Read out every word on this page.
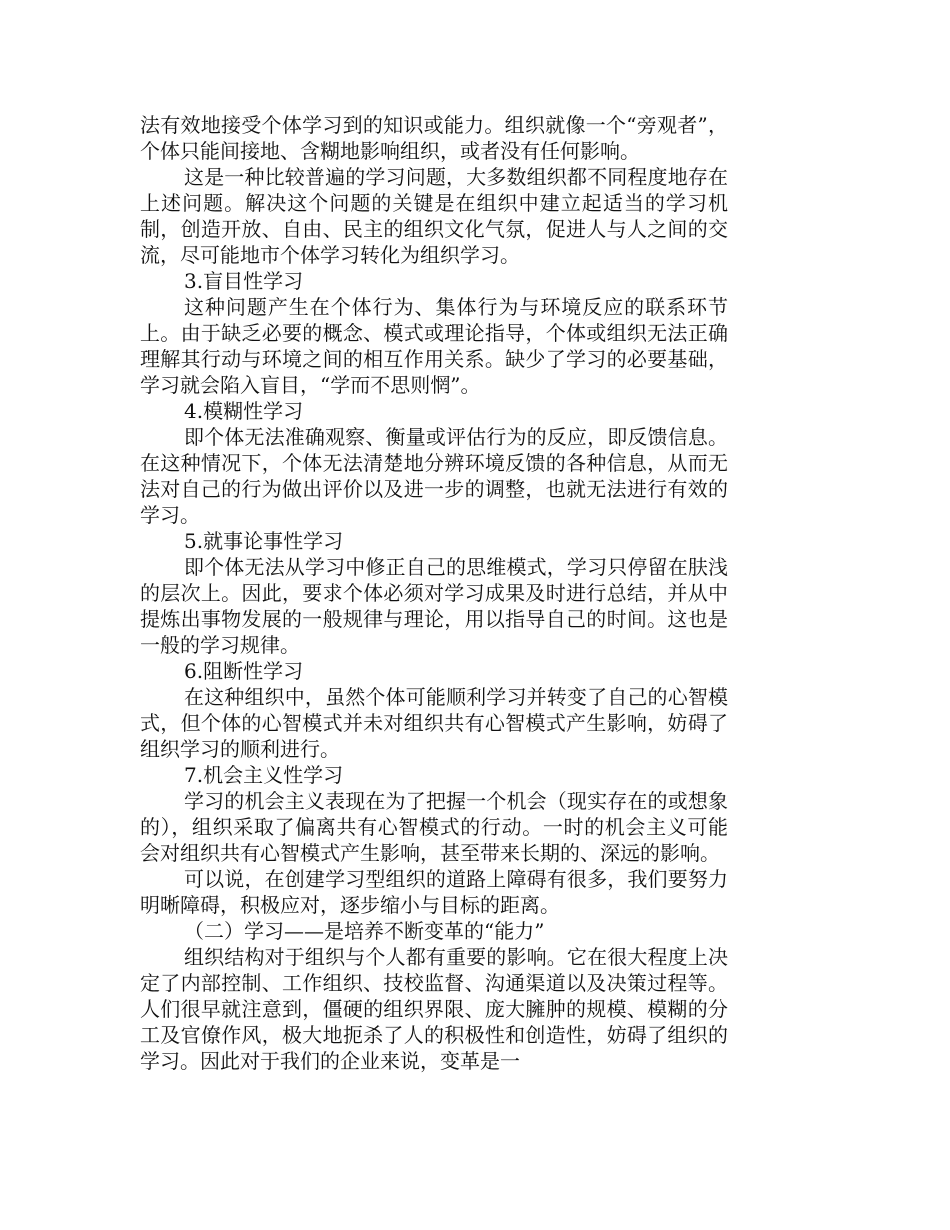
法有效地接受个体学习到的知识或能力。组织就像一个“旁观者”，个体只能间接地、含糊地影响组织，或者没有任何影响。

这是一种比较普遍的学习问题，大多数组织都不同程度地存在上述问题。解决这个问题的关键是在组织中建立起适当的学习机制，创造开放、自由、民主的组织文化气氛，促进人与人之间的交流，尽可能地市个体学习转化为组织学习。

3.盲目性学习

这种问题产生在个体行为、集体行为与环境反应的联系环节上。由于缺乏必要的概念、模式或理论指导，个体或组织无法正确理解其行动与环境之间的相互作用关系。缺少了学习的必要基础，学习就会陷入盲目，“学而不思则惘”。

4.模糊性学习

即个体无法准确观察、衡量或评估行为的反应，即反馈信息。在这种情况下，个体无法清楚地分辨环境反馈的各种信息，从而无法对自己的行为做出评价以及进一步的调整，也就无法进行有效的学习。

5.就事论事性学习

即个体无法从学习中修正自己的思维模式，学习只停留在肤浅的层次上。因此，要求个体必须对学习成果及时进行总结，并从中提炼出事物发展的一般规律与理论，用以指导自己的时间。这也是一般的学习规律。

6.阻断性学习

在这种组织中，虽然个体可能顺利学习并转变了自己的心智模式，但个体的心智模式并未对组织共有心智模式产生影响，妨碍了组织学习的顺利进行。

7.机会主义性学习

学习的机会主义表现在为了把握一个机会（现实存在的或想象的），组织采取了偏离共有心智模式的行动。一时的机会主义可能会对组织共有心智模式产生影响，甚至带来长期的、深远的影响。

可以说，在创建学习型组织的道路上障碍有很多，我们要努力明晰障碍，积极应对，逐步缩小与目标的距离。

（二）学习——是培养不断变革的“能力”

组织结构对于组织与个人都有重要的影响。它在很大程度上决定了内部控制、工作组织、技校监督、沟通渠道以及决策过程等。人们很早就注意到，僵硬的组织界限、庞大臃肿的规模、模糊的分工及官僚作风，极大地扼杀了人的积极性和创造性，妨碍了组织的学习。因此对于我们的企业来说，变革是一
